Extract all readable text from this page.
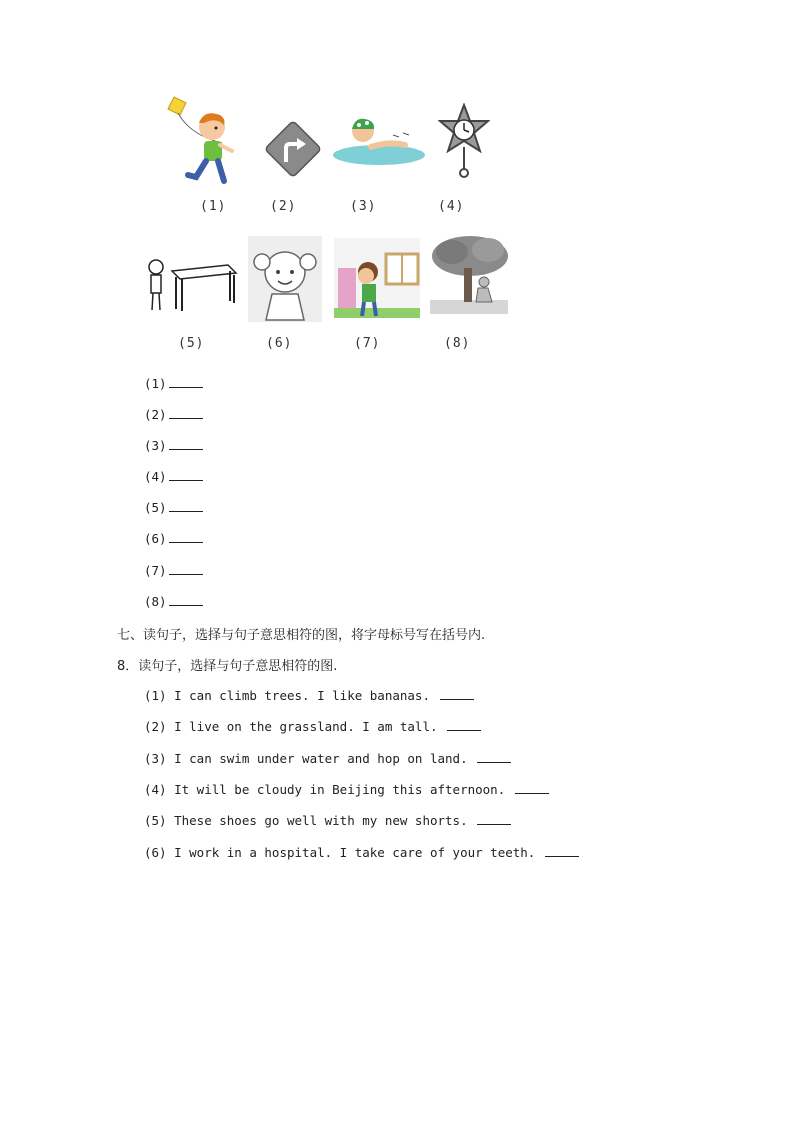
(1)	(2)	(3)	(4)
(5)	(6)	(7)	(8)
(1)
(2)
(3)
(4)
(5)
(6)
(7)
(8)
七、读句子，选择与句子意思相符的图，将字母标号写在括号内.
8．读句子，选择与句子意思相符的图.
(1) I can climb trees. I like bananas.
(2) I live on the grassland. I am tall.
(3) I can swim under water and hop on land.
(4) It will be cloudy in Beijing this afternoon.
(5) These shoes go well with my new shorts.
(6) I work in a hospital. I take care of your teeth.
